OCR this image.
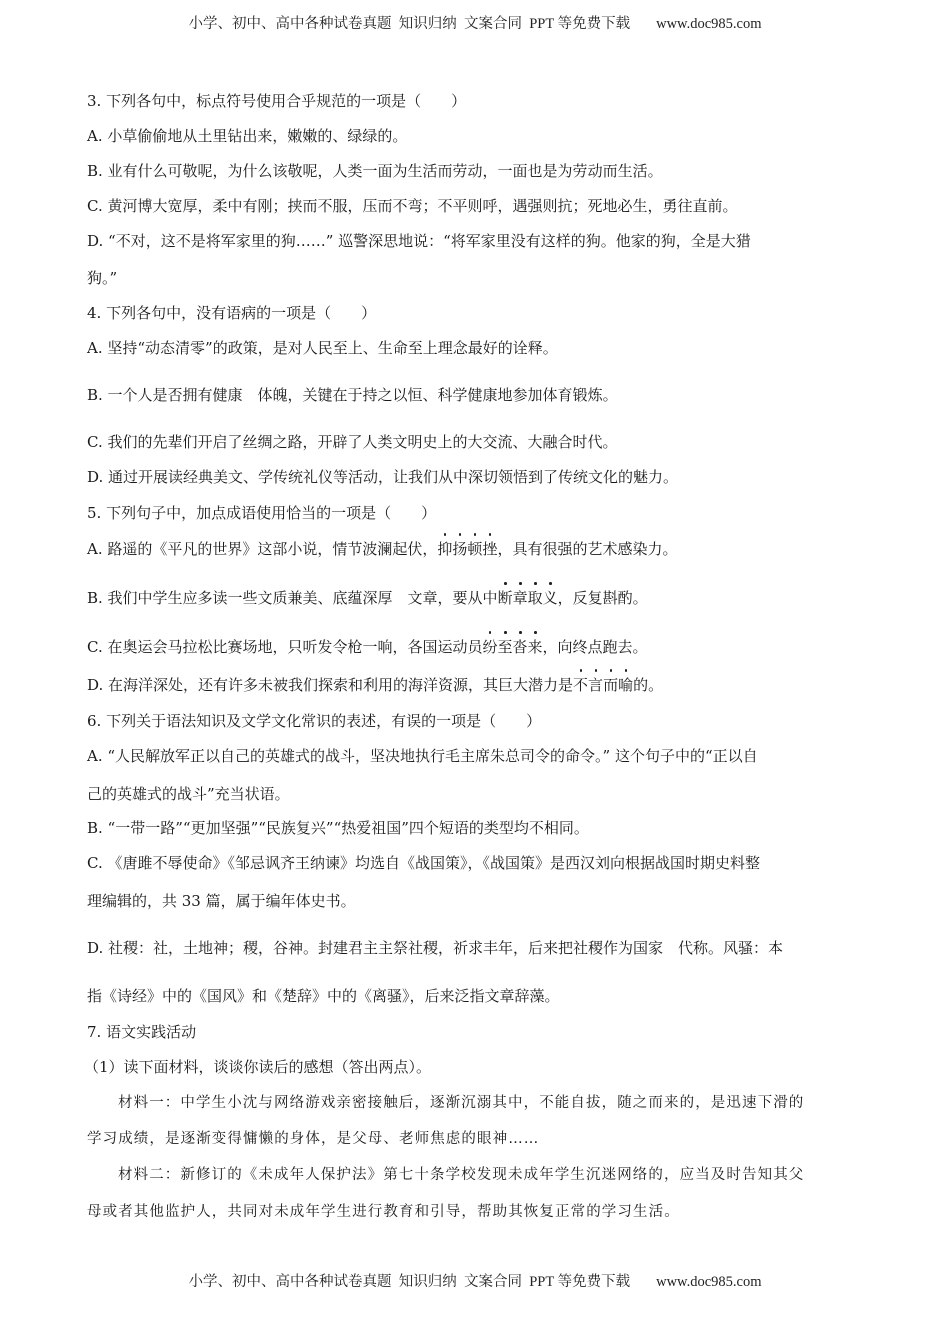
小学、初中、高中各种试卷真题  知识归纳  文案合同  PPT 等免费下载 www.doc985.com
3. 下列各句中，标点符号使用合乎规范的一项是（　　）
A. 小草偷偷地从土里钻出来，嫩嫩的、绿绿的。
B. 业有什么可敬呢，为什么该敬呢，人类一面为生活而劳动，一面也是为劳动而生活。
C. 黄河博大宽厚，柔中有刚；挟而不服，压而不弯；不平则呼，遇强则抗；死地必生，勇往直前。
D. “不对，这不是将军家里的狗……” 巡警深思地说：“将军家里没有这样的狗。他家的狗，全是大猎
狗。”
4. 下列各句中，没有语病的一项是（　　）
A. 坚持“动态清零”的政策，是对人民至上、生命至上理念最好的诠释。
B. 一个人是否拥有健康　体魄，关键在于持之以恒、科学健康地参加体育锻炼。
C. 我们的先辈们开启了丝绸之路，开辟了人类文明史上的大交流、大融合时代。
D. 通过开展读经典美文、学传统礼仪等活动，让我们从中深切领悟到了传统文化的魅力。
5. 下列句子中，加点成语使用恰当的一项是（　　）
A. 路遥的《平凡的世界》这部小说，情节波澜起伏，抑扬顿挫，具有很强的艺术感染力。
B. 我们中学生应多读一些文质兼美、底蕴深厚　文章，要从中断章取义，反复斟酌。
C. 在奥运会马拉松比赛场地，只听发令枪一响，各国运动员纷至沓来，向终点跑去。
D. 在海洋深处，还有许多未被我们探索和利用的海洋资源，其巨大潜力是不言而喻的。
6. 下列关于语法知识及文学文化常识的表述，有误的一项是（　　）
A. “人民解放军正以自己的英雄式的战斗，坚决地执行毛主席朱总司令的命令。” 这个句子中的“正以自
己的英雄式的战斗”充当状语。
B. “一带一路”“更加坚强”“民族复兴”“热爱祖国”四个短语的类型均不相同。
C. 《唐雎不辱使命》《邹忌讽齐王纳谏》均选自《战国策》，《战国策》是西汉刘向根据战国时期史料整
理编辑的，共 33 篇，属于编年体史书。
D. 社稷：社，土地神；稷，谷神。封建君主主祭社稷，祈求丰年，后来把社稷作为国家　代称。风骚：本
指《诗经》中的《国风》和《楚辞》中的《离骚》，后来泛指文章辞藻。
7. 语文实践活动
（1）读下面材料，谈谈你读后的感想（答出两点）。
材料一：中学生小沈与网络游戏亲密接触后，逐渐沉溺其中，不能自拔，随之而来的，是迅速下滑的
学习成绩，是逐渐变得慵懒的身体，是父母、老师焦虑的眼神……
材料二：新修订的《未成年人保护法》第七十条学校发现未成年学生沉迷网络的，应当及时告知其父
母或者其他监护人，共同对未成年学生进行教育和引导，帮助其恢复正常的学习生活。
小学、初中、高中各种试卷真题  知识归纳  文案合同  PPT 等免费下载 www.doc985.com
